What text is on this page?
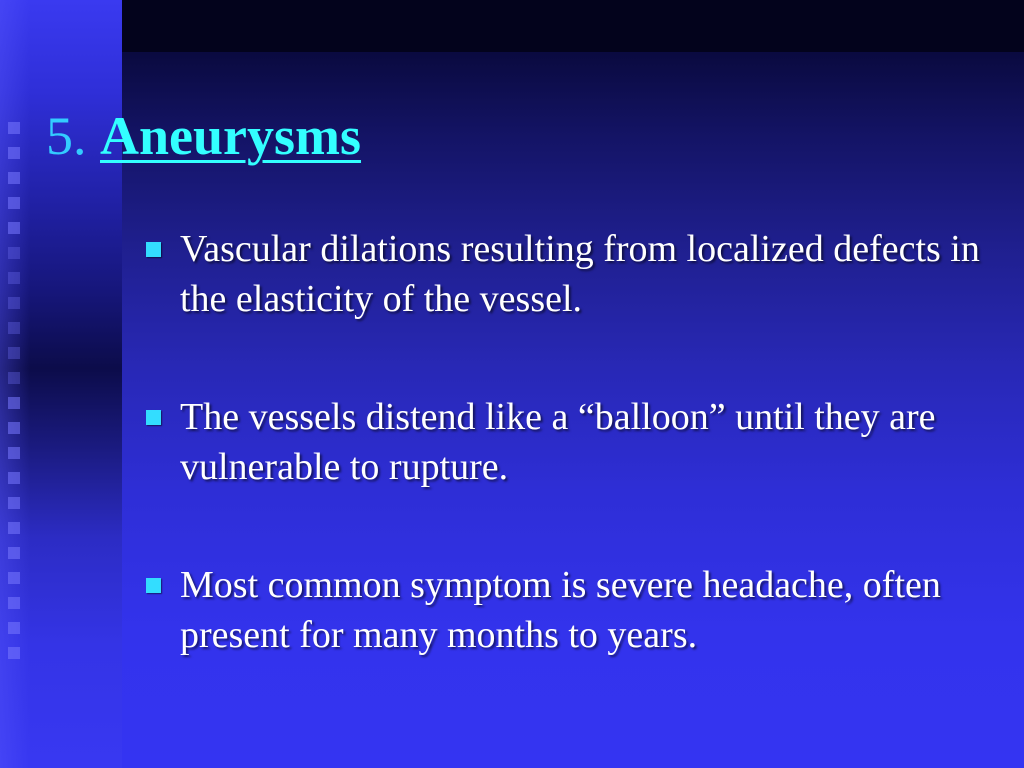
5. Aneurysms
Vascular dilations resulting from localized defects in the elasticity of the vessel.
The vessels distend like a “balloon” until they are vulnerable to rupture.
Most common symptom is severe headache, often present for many months to years.
